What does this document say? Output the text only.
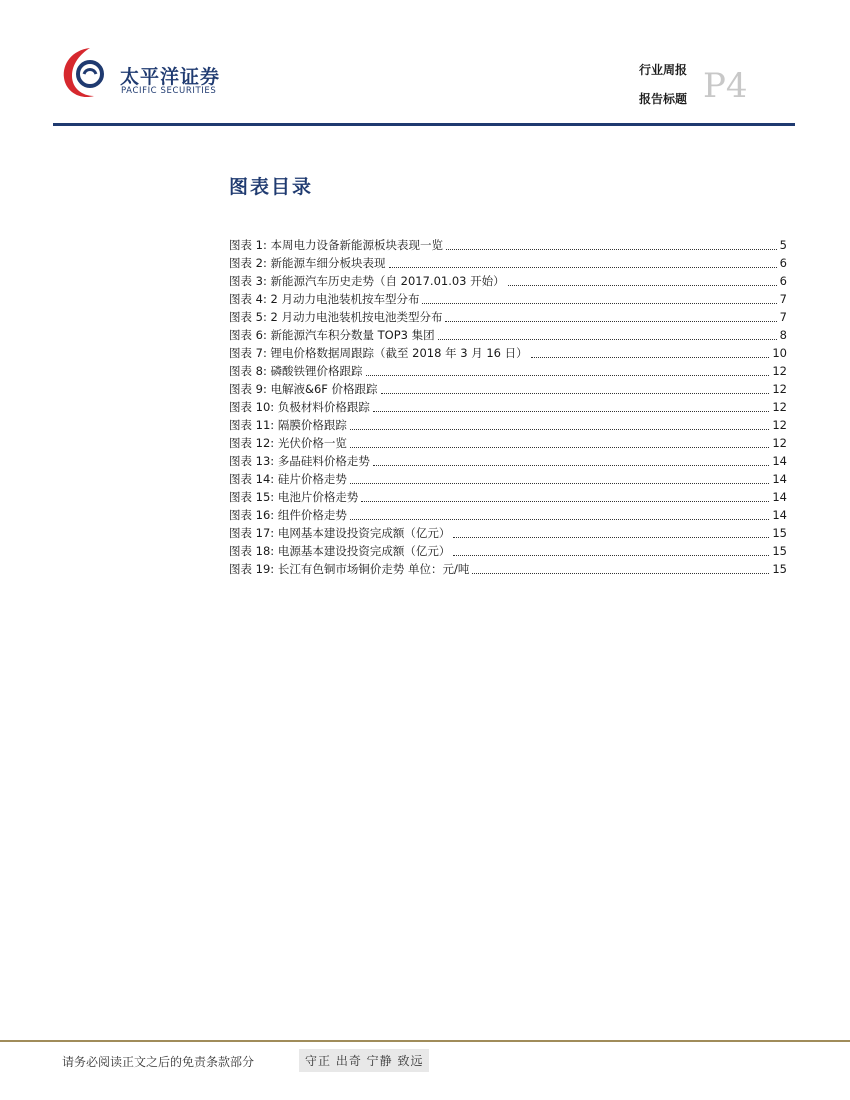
太平洋证券
PACIFIC SECURITIES
行业周报
报告标题 P4
图表目录
图表 1: 本周电力设备新能源板块表现一览	5
图表 2: 新能源车细分板块表现	6
图表 3: 新能源汽车历史走势（自 2017.01.03 开始）	6
图表 4: 2 月动力电池装机按车型分布	7
图表 5: 2 月动力电池装机按电池类型分布	7
图表 6: 新能源汽车积分数量 TOP3 集团	8
图表 7: 锂电价格数据周跟踪（截至 2018 年 3 月 16 日）	10
图表 8: 磷酸铁锂价格跟踪	12
图表 9: 电解液&6F 价格跟踪	12
图表 10: 负极材料价格跟踪	12
图表 11: 隔膜价格跟踪	12
图表 12: 光伏价格一览	12
图表 13: 多晶硅料价格走势	14
图表 14: 硅片价格走势	14
图表 15: 电池片价格走势	14
图表 16: 组件价格走势	14
图表 17: 电网基本建设投资完成额（亿元）	15
图表 18: 电源基本建设投资完成额（亿元）	15
图表 19: 长江有色铜市场铜价走势 单位：元/吨	15
请务必阅读正文之后的免责条款部分	守正 出奇 宁静 致远
